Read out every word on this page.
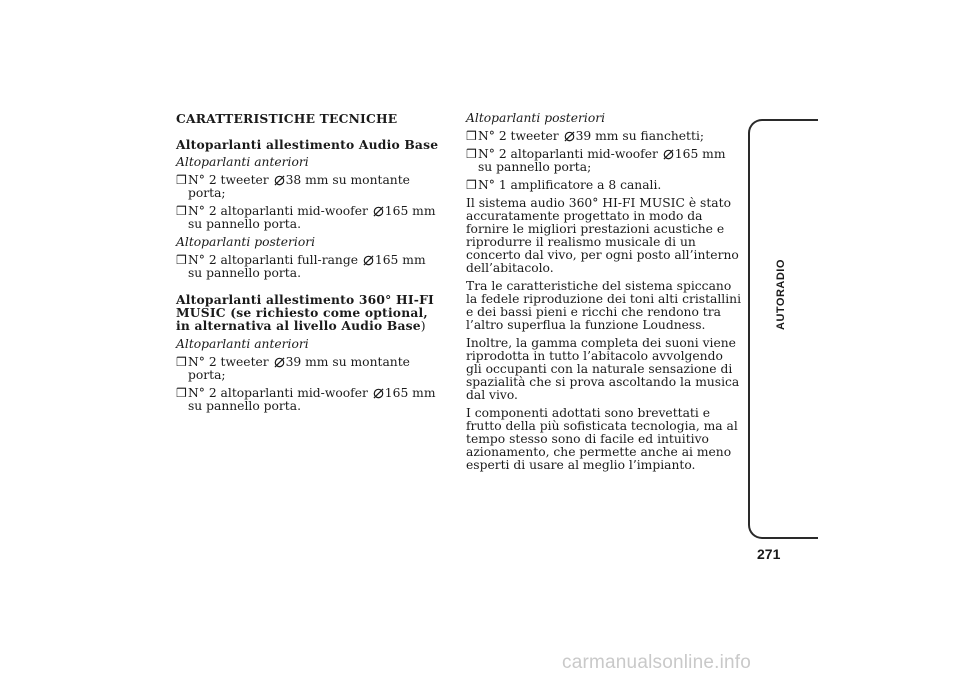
CARATTERISTICHE TECNICHE

Altoparlanti allestimento Audio Base

Altoparlanti anteriori

❒ N° 2 tweeter 38 mm su montante porta;
❒ N° 2 altoparlanti mid-woofer 165 mm su pannello porta.

Altoparlanti posteriori

❒ N° 2 altoparlanti full-range 165 mm su pannello porta.

Altoparlanti allestimento 360° HI-FI MUSIC (se richiesto come optional, in alternativa al livello Audio Base)

Altoparlanti anteriori

❒ N° 2 tweeter 39 mm su montante porta;
❒ N° 2 altoparlanti mid-woofer 165 mm su pannello porta.

Altoparlanti posteriori

❒ N° 2 tweeter 39 mm su fianchetti;
❒ N° 2 altoparlanti mid-woofer 165 mm su pannello porta;
❒ N° 1 amplificatore a 8 canali.

Il sistema audio 360° HI-FI MUSIC è stato accuratamente progettato in modo da fornire le migliori prestazioni acustiche e riprodurre il realismo musicale di un concerto dal vivo, per ogni posto all’interno dell’abitacolo.

Tra le caratteristiche del sistema spiccano la fedele riproduzione dei toni alti cristallini e dei bassi pieni e ricchi che rendono tra l’altro superflua la funzione Loudness.

Inoltre, la gamma completa dei suoni viene riprodotta in tutto l’abitacolo avvolgendo gli occupanti con la naturale sensazione di spazialità che si prova ascoltando la musica dal vivo.

I componenti adottati sono brevettati e frutto della più sofisticata tecnologia, ma al tempo stesso sono di facile ed intuitivo azionamento, che permette anche ai meno esperti di usare al meglio l’impianto.

AUTORADIO
271
carmanualsonline.info
